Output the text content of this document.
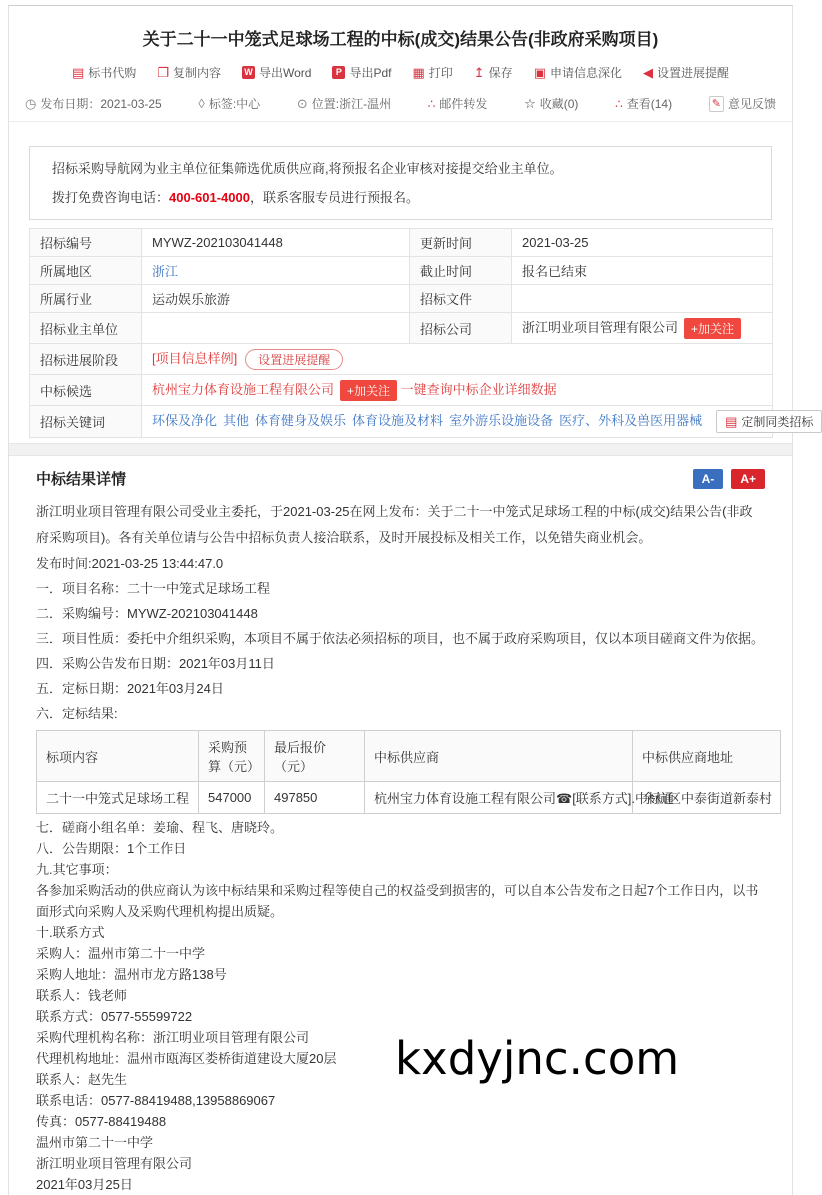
关于二十一中笼式足球场工程的中标(成交)结果公告(非政府采购项目)
▤ 标书代购 ❐ 复制内容	W 导出Word	P 导出Pdf ▦ 打印 ↥ 保存 ▣ 申请信息深化 ◀ 设置进展提醒
◷ 发布日期：2021-03-25	◊ 标签:中心	⊙ 位置:浙江-温州	∴ 邮件转发	☆ 收藏(0)	∴ 查看(14)	✎ 意见反馈

招标采购导航网为业主单位征集筛选优质供应商,将预报名企业审核对接提交给业主单位。

拨打免费咨询电话：400-601-4000，联系客服专员进行预报名。

招标编号	MYWZ-202103041448	更新时间	2021-03-25
所属地区	浙江	截止时间	报名已结束
所属行业	运动娱乐旅游	招标文件	
招标业主单位		招标公司	浙江明业项目管理有限公司 +加关注
招标进展阶段	[项目信息样例] 设置进展提醒		
中标候选	杭州宝力体育设施工程有限公司 +加关注 一键查询中标企业详细数据		
招标关键词	环保及净化 其他 体育健身及娱乐 体育设施及材料 室外游乐设施设备 医疗、外科及兽医用器械 ▤ 定制同类招标		
中标结果详情	A-	A+

浙江明业项目管理有限公司受业主委托，于2021-03-25在网上发布：关于二十一中笼式足球场工程的中标(成交)结果公告(非政府采购项目)。各有关单位请与公告中招标负责人接洽联系，及时开展投标及相关工作，以免错失商业机会。

发布时间:2021-03-25 13:44:47.0
一．项目名称：二十一中笼式足球场工程
二．采购编号：MYWZ-202103041448
三．项目性质：委托中介组织采购，本项目不属于依法必须招标的项目，也不属于政府采购项目，仅以本项目磋商文件为依据。
四．采购公告发布日期：2021年03月11日
五．定标日期：2021年03月24日
六．定标结果:
标项内容	采购预算（元）	最后报价（元）	中标供应商	中标供应商地址
二十一中笼式足球场工程	547000	497850	杭州宝力体育设施工程有限公司☎[联系方式].中标通	余杭区中泰街道新泰村
七．磋商小组名单：姜瑜、程飞、唐晓玲。
八．公告期限：1个工作日
九.其它事项：
各参加采购活动的供应商认为该中标结果和采购过程等使自己的权益受到损害的，可以自本公告发布之日起7个工作日内，以书面形式向采购人及采购代理机构提出质疑。
十.联系方式
采购人：温州市第二十一中学
采购人地址：温州市龙方路138号
联系人：钱老师
联系方式：0577-55599722
采购代理机构名称：浙江明业项目管理有限公司
代理机构地址：温州市瓯海区娄桥街道建设大厦20层
联系人：赵先生
联系电话：0577-88419488,13958869067
传真：0577-88419488
温州市第二十一中学
浙江明业项目管理有限公司
2021年03月25日
kxdyjnc.com
